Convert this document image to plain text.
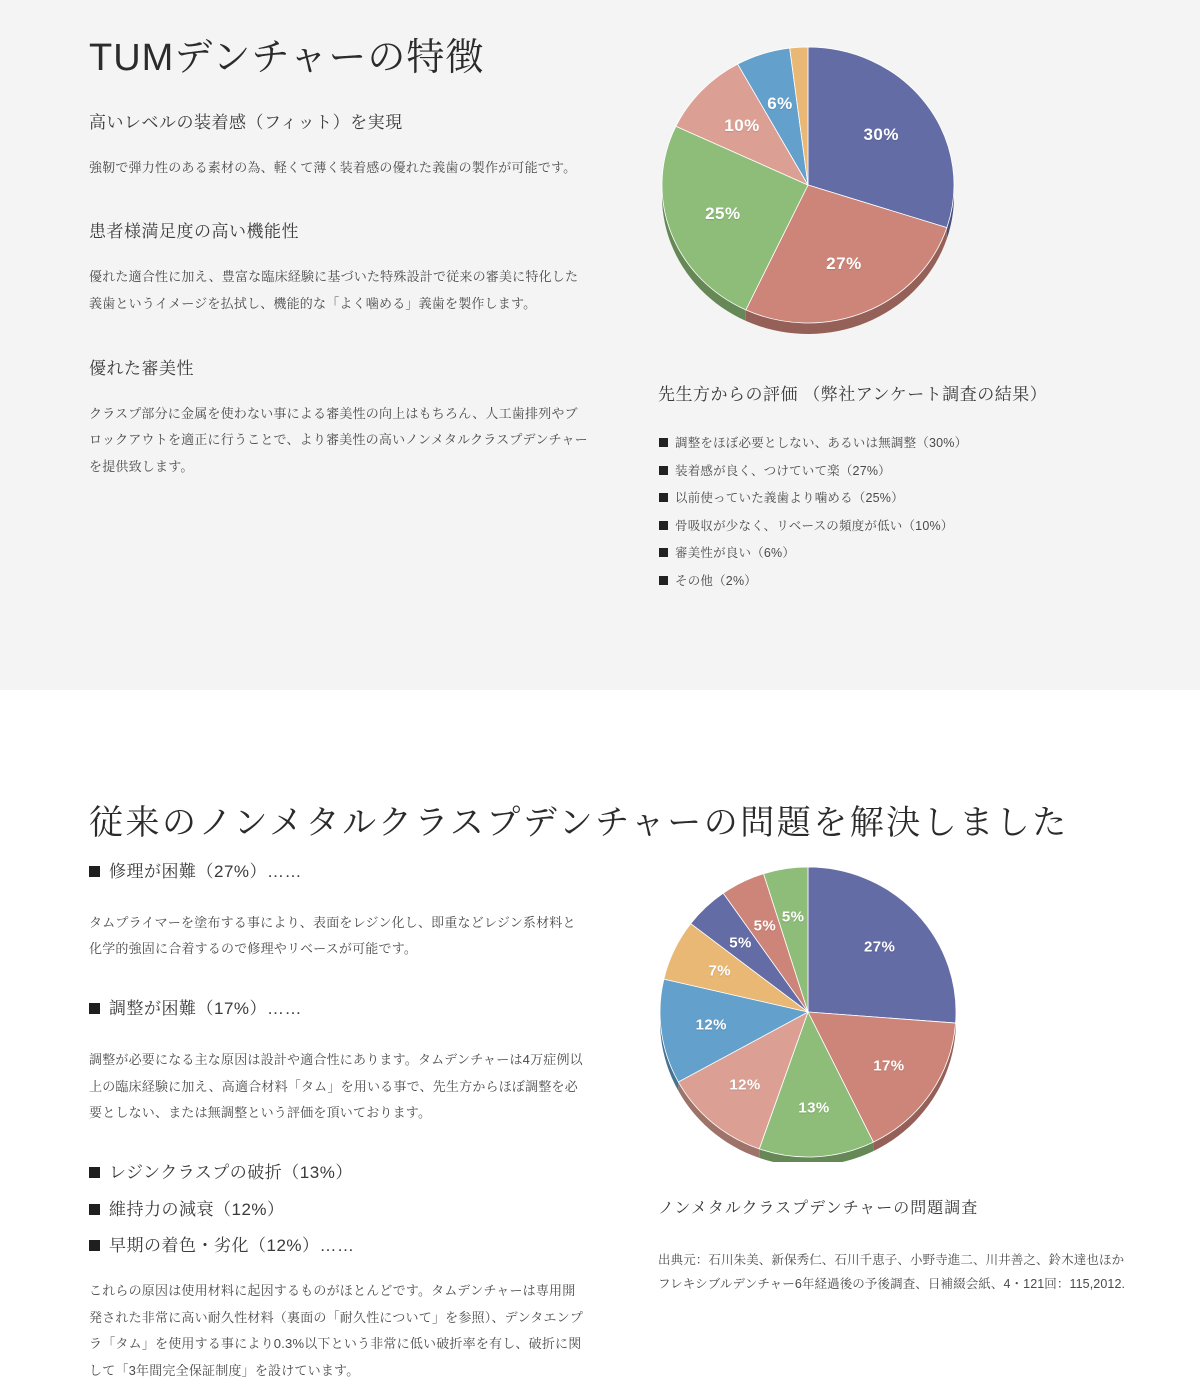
TUMデンチャーの特徴
高いレベルの装着感（フィット）を実現

強靭で弾力性のある素材の為、軽くて薄く装着感の優れた義歯の製作が可能です。

患者様満足度の高い機能性

優れた適合性に加え、豊富な臨床経験に基づいた特殊設計で従来の審美に特化した義歯というイメージを払拭し、機能的な「よく噛める」義歯を製作します。

優れた審美性

クラスプ部分に金属を使わない事による審美性の向上はもちろん、人工歯排列やブロックアウトを適正に行うことで、より審美性の高いノンメタルクラスプデンチャーを提供致します。

30%
27%
25%
10%
6%
先生方からの評価 （弊社アンケート調査の結果）
調整をほぼ必要としない、あるいは無調整（30%）
装着感が良く、つけていて楽（27%）
以前使っていた義歯より噛める（25%）
骨吸収が少なく、リベースの頻度が低い（10%）
審美性が良い（6%）
その他（2%）
従来のノンメタルクラスプデンチャーの問題を解決しました
修理が困難（27%）……

タムプライマーを塗布する事により、表面をレジン化し、即重などレジン系材料と化学的強固に合着するので修理やリベースが可能です。

調整が困難（17%）……

調整が必要になる主な原因は設計や適合性にあります。タムデンチャーは4万症例以上の臨床経験に加え、高適合材料「タム」を用いる事で、先生方からほぼ調整を必要としない、または無調整という評価を頂いております。

レジンクラスプの破折（13%）
維持力の減衰（12%）
早期の着色・劣化（12%）……

これらの原因は使用材料に起因するものがほとんどです。タムデンチャーは専用開発された非常に高い耐久性材料（裏面の「耐久性について」を参照）、デンタエンプラ「タム」を使用する事により0.3%以下という非常に低い破折率を有し、破折に関して「3年間完全保証制度」を設けています。

27%
17%
13%
12%
12%
7%
5%
5%
5%
ノンメタルクラスプデンチャーの問題調査
出典元：石川朱美、新保秀仁、石川千恵子、小野寺進二、川井善之、鈴木達也ほか フレキシブルデンチャー6年経過後の予後調査、日補綴会紙、4・121回：115,2012.
